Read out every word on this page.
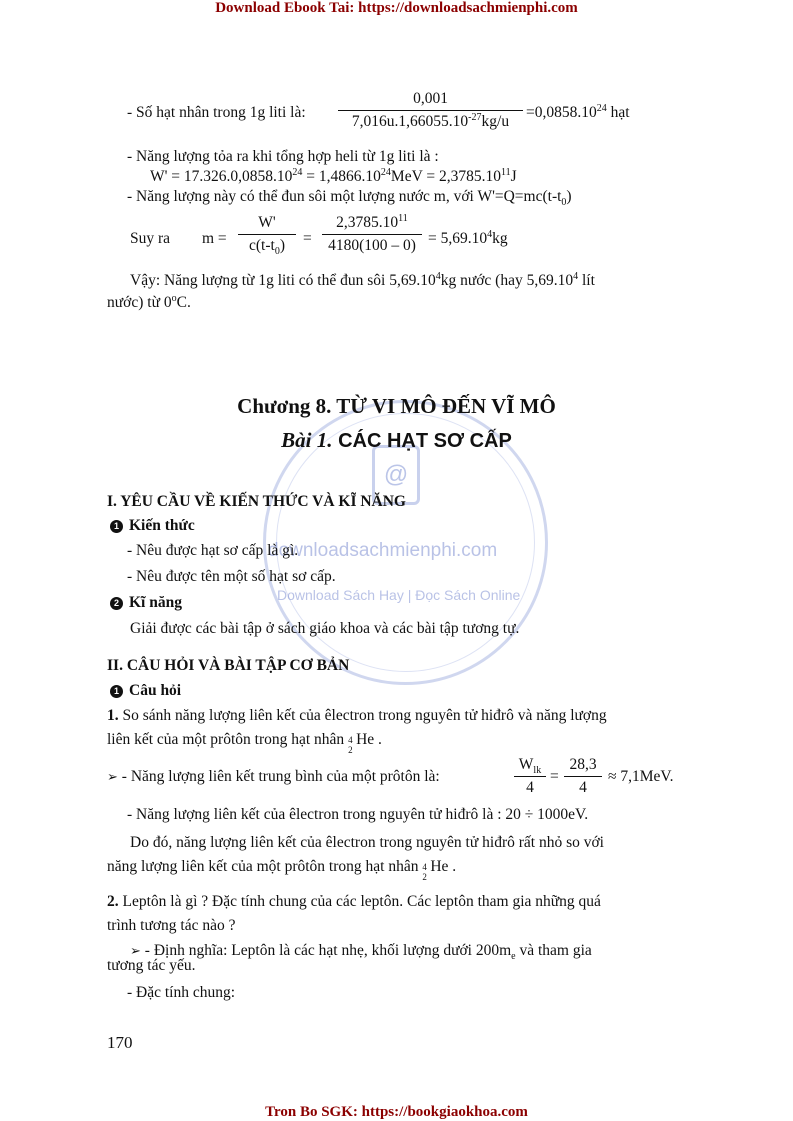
Download Ebook Tai: https://downloadsachmienphi.com
@
downloadsachmienphi.com
Download Sách Hay | Đọc Sách Online
- Số hạt nhân trong 1g liti là: $\frac{0,001}{7,016u.1,66055.10^{-27}kg/u} =0,0858.10^{24}$ hạt
- Năng lượng tỏa ra khi tổng hợp heli từ 1g liti là :
$W' = 17.326.0,0858.10^{24} = 1,4866.10^{24}MeV = 2,3785.10^{11}J$
- Năng lượng này có thể đun sôi một lượng nước m, với $W'=Q=mc(t-t_0)$
Suy ra $m = \frac{W'}{c(t-t_0)} = \frac{2,3785.10^{11}}{4180(100 - 0)} = 5,69.10^4kg$
Vậy: Năng lượng từ 1g liti có thể đun sôi 5,69.10$^4$kg nước (hay 5,69.10$^4$ lít
nước) từ 0$^o$C.
Chương 8. TỪ VI MÔ ĐẾN VĨ MÔ
Bài 1. CÁC HẠT SƠ CẤP
I. YÊU CẦU VỀ KIẾN THỨC VÀ KĨ NĂNG
1 Kiến thức
- Nêu được hạt sơ cấp là gì.
- Nêu được tên một số hạt sơ cấp.
2 Kĩ năng
Giải được các bài tập ở sách giáo khoa và các bài tập tương tự.
II. CÂU HỎI VÀ BÀI TẬP CƠ BẢN
1 Câu hỏi
1. So sánh năng lượng liên kết của êlectron trong nguyên tử hiđrô và năng lượng
liên kết của một prôtôn trong hạt nhân 4
2
He .
➢ - Năng lượng liên kết trung bình của một prôtôn là:
$W_{lk}$
4
= $\frac{28,3}{4} \approx 7,1MeV$.
- Năng lượng liên kết của êlectron trong nguyên tử hiđrô là : 20 ÷ 1000eV.
Do đó, năng lượng liên kết của êlectron trong nguyên tử hiđrô rất nhỏ so với
năng lượng liên kết của một prôtôn trong hạt nhân 4
2
He .
2. Leptôn là gì ? Đặc tính chung của các leptôn. Các leptôn tham gia những quá
trình tương tác nào ?
➢ - Định nghĩa: Leptôn là các hạt nhẹ, khối lượng dưới $200m_e$ và tham gia
tương tác yếu.
- Đặc tính chung:
170
Tron Bo SGK: https://bookgiaokhoa.com
